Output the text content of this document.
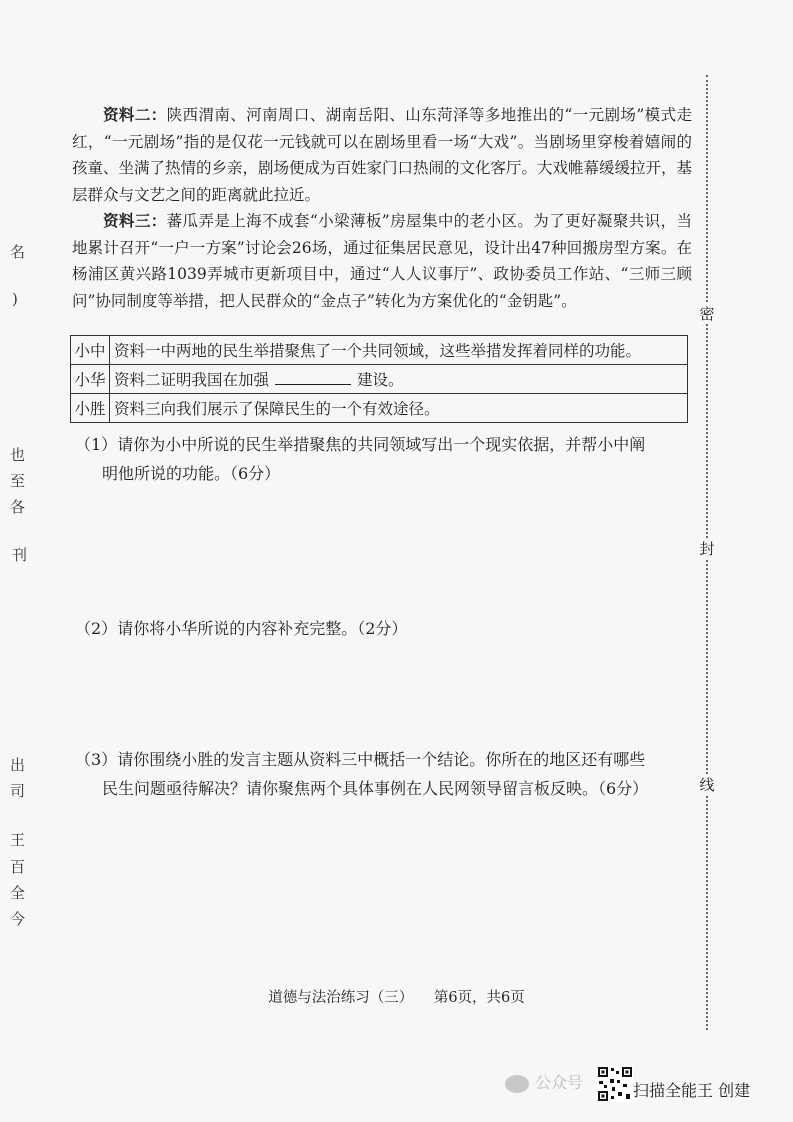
名
)
也
至
各
刊
出
司
王
百
全
今
密
封
线
资料二：陕西渭南、河南周口、湖南岳阳、山东菏泽等多地推出的“一元剧场”模式走红，“一元剧场”指的是仅花一元钱就可以在剧场里看一场“大戏”。当剧场里穿梭着嬉闹的孩童、坐满了热情的乡亲，剧场便成为百姓家门口热闹的文化客厅。大戏帷幕缓缓拉开，基层群众与文艺之间的距离就此拉近。
资料三：蕃瓜弄是上海不成套“小梁薄板”房屋集中的老小区。为了更好凝聚共识，当地累计召开“一户一方案”讨论会26场，通过征集居民意见，设计出47种回搬房型方案。在杨浦区黄兴路1039弄城市更新项目中，通过“人人议事厅”、政协委员工作站、“三师三顾问”协同制度等举措，把人民群众的“金点子”转化为方案优化的“金钥匙”。
小中	资料一中两地的民生举措聚焦了一个共同领域，这些举措发挥着同样的功能。
小华	资料二证明我国在加强 建设。
小胜	资料三向我们展示了保障民生的一个有效途径。
（1）请你为小中所说的民生举措聚焦的共同领域写出一个现实依据，并帮小中阐
明他所说的功能。（6分）
（2）请你将小华所说的内容补充完整。（2分）
（3）请你围绕小胜的发言主题从资料三中概括一个结论。你所在的地区还有哪些
民生问题亟待解决？请你聚焦两个具体事例在人民网领导留言板反映。（6分）
道德与法治练习（三） 第6页，共6页
公众号	扫描全能王 创建
